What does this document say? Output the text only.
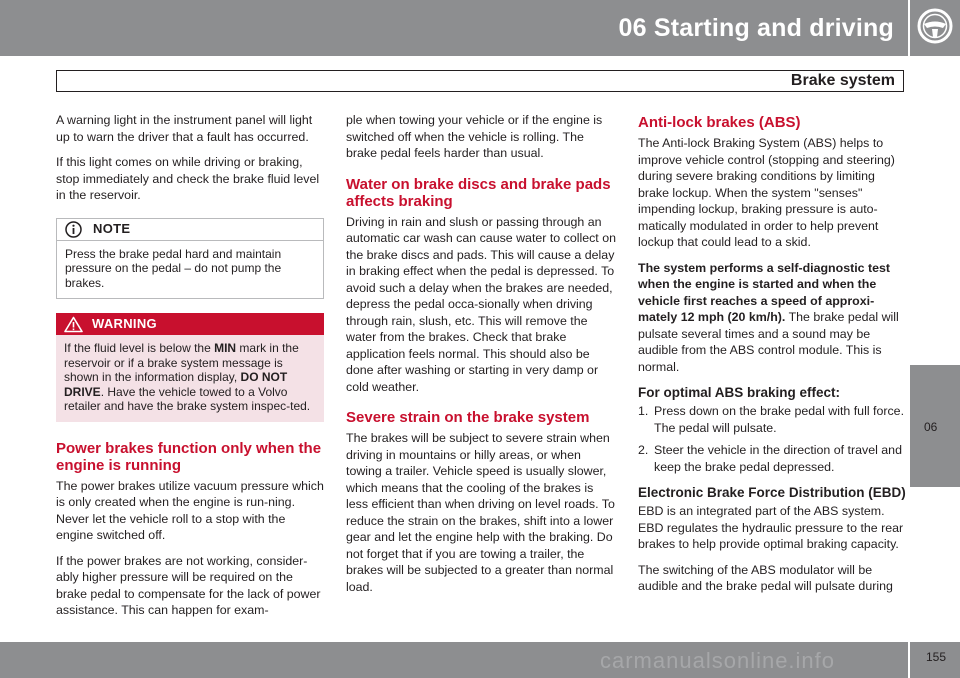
06 Starting and driving
Brake system
06

A warning light in the instrument panel will light up to warn the driver that a fault has occurred.

If this light comes on while driving or braking, stop immediately and check the brake fluid level in the reservoir.

NOTE
Press the brake pedal hard and maintain pressure on the pedal – do not pump the brakes.
WARNING
If the fluid level is below the MIN mark in the reservoir or if a brake system message is shown in the information display, DO NOT DRIVE. Have the vehicle towed to a Volvo retailer and have the brake system inspec-ted.
Power brakes function only when the engine is running

The power brakes utilize vacuum pressure which is only created when the engine is run-ning. Never let the vehicle roll to a stop with the engine switched off.

If the power brakes are not working, consider-ably higher pressure will be required on the brake pedal to compensate for the lack of power assistance. This can happen for exam-

ple when towing your vehicle or if the engine is switched off when the vehicle is rolling. The brake pedal feels harder than usual.

Water on brake discs and brake pads affects braking

Driving in rain and slush or passing through an automatic car wash can cause water to collect on the brake discs and pads. This will cause a delay in braking effect when the pedal is depressed. To avoid such a delay when the brakes are needed, depress the pedal occa-sionally when driving through rain, slush, etc. This will remove the water from the brakes. Check that brake application feels normal. This should also be done after washing or starting in very damp or cold weather.

Severe strain on the brake system

The brakes will be subject to severe strain when driving in mountains or hilly areas, or when towing a trailer. Vehicle speed is usually slower, which means that the cooling of the brakes is less efficient than when driving on level roads. To reduce the strain on the brakes, shift into a lower gear and let the engine help with the braking. Do not forget that if you are towing a trailer, the brakes will be subjected to a greater than normal load.

Anti-lock brakes (ABS)

The Anti-lock Braking System (ABS) helps to improve vehicle control (stopping and steering) during severe braking conditions by limiting brake lockup. When the system "senses" impending lockup, braking pressure is auto-matically modulated in order to help prevent lockup that could lead to a skid.

The system performs a self-diagnostic test when the engine is started and when the vehicle first reaches a speed of approxi-mately 12 mph (20 km/h). The brake pedal will pulsate several times and a sound may be audible from the ABS control module. This is normal.

For optimal ABS braking effect:
1. Press down on the brake pedal with full force. The pedal will pulsate.
2. Steer the vehicle in the direction of travel and keep the brake pedal depressed.
Electronic Brake Force Distribution (EBD)

EBD is an integrated part of the ABS system. EBD regulates the hydraulic pressure to the rear brakes to help provide optimal braking capacity.

The switching of the ABS modulator will be audible and the brake pedal will pulsate during

carmanualsonline.info	155
